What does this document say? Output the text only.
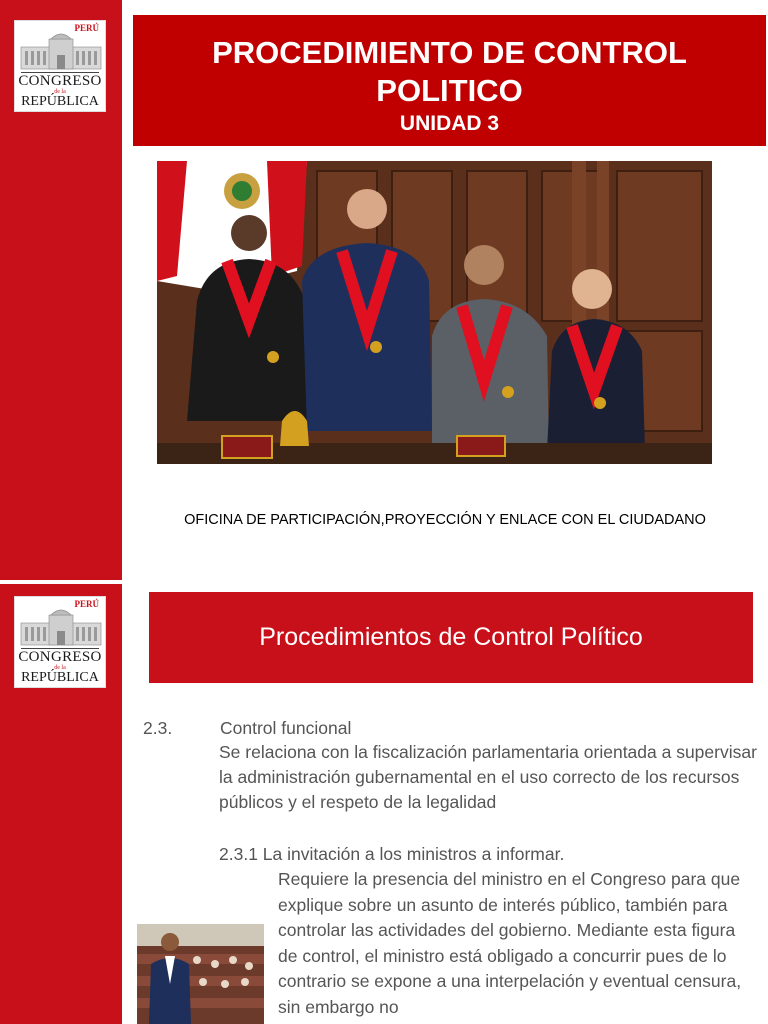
PERÚ
CONGRESO
de la
REPÚBLICA
PROCEDIMIENTO DE CONTROL
POLITICO
UNIDAD 3
OFICINA DE PARTICIPACIÓN,PROYECCIÓN Y ENLACE CON EL CIUDADANO
PERÚ
CONGRESO
de la
REPÚBLICA
Procedimientos de Control Político
2.3.	Control funcional

Se relaciona con la fiscalización parlamentaria orientada a supervisar la administración gubernamental en el uso correcto de los recursos públicos y el respeto de la legalidad

2.3.1 La invitación a los ministros a informar.

Requiere la presencia del ministro en el Congreso para que explique sobre un asunto de interés público, también para controlar las actividades del gobierno. Mediante esta figura de control, el ministro está obligado a concurrir pues de lo contrario se expone a una interpelación y eventual censura, sin embargo no
